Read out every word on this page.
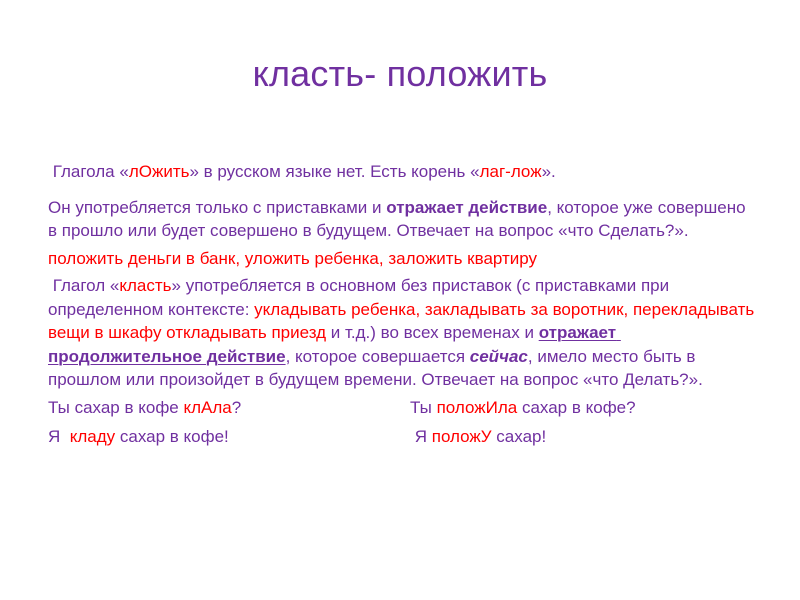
класть- положить

Глагола «лОжить» в русском языке нет. Есть корень «лаг-лож».

Он употребляется только с приставками и отражает действие, которое уже совершено в прошло или будет совершено в будущем. Отвечает на вопрос «что Сделать?».

положить деньги в банк, уложить ребенка, заложить квартиру

Глагол «класть» употребляется в основном без приставок (с приставками при определенном контексте: укладывать ребенка, закладывать за воротник, перекладывать вещи в шкафу откладывать приезд и т.д.) во всех временах и отражает продолжительное действие, которое совершается сейчас, имело место быть в прошлом или произойдет в будущем времени. Отвечает на вопрос «что Делать?».

Ты сахар в кофе клАла?	Ты положИла сахар в кофе?
Я  кладу сахар в кофе!	Я положУ сахар!
